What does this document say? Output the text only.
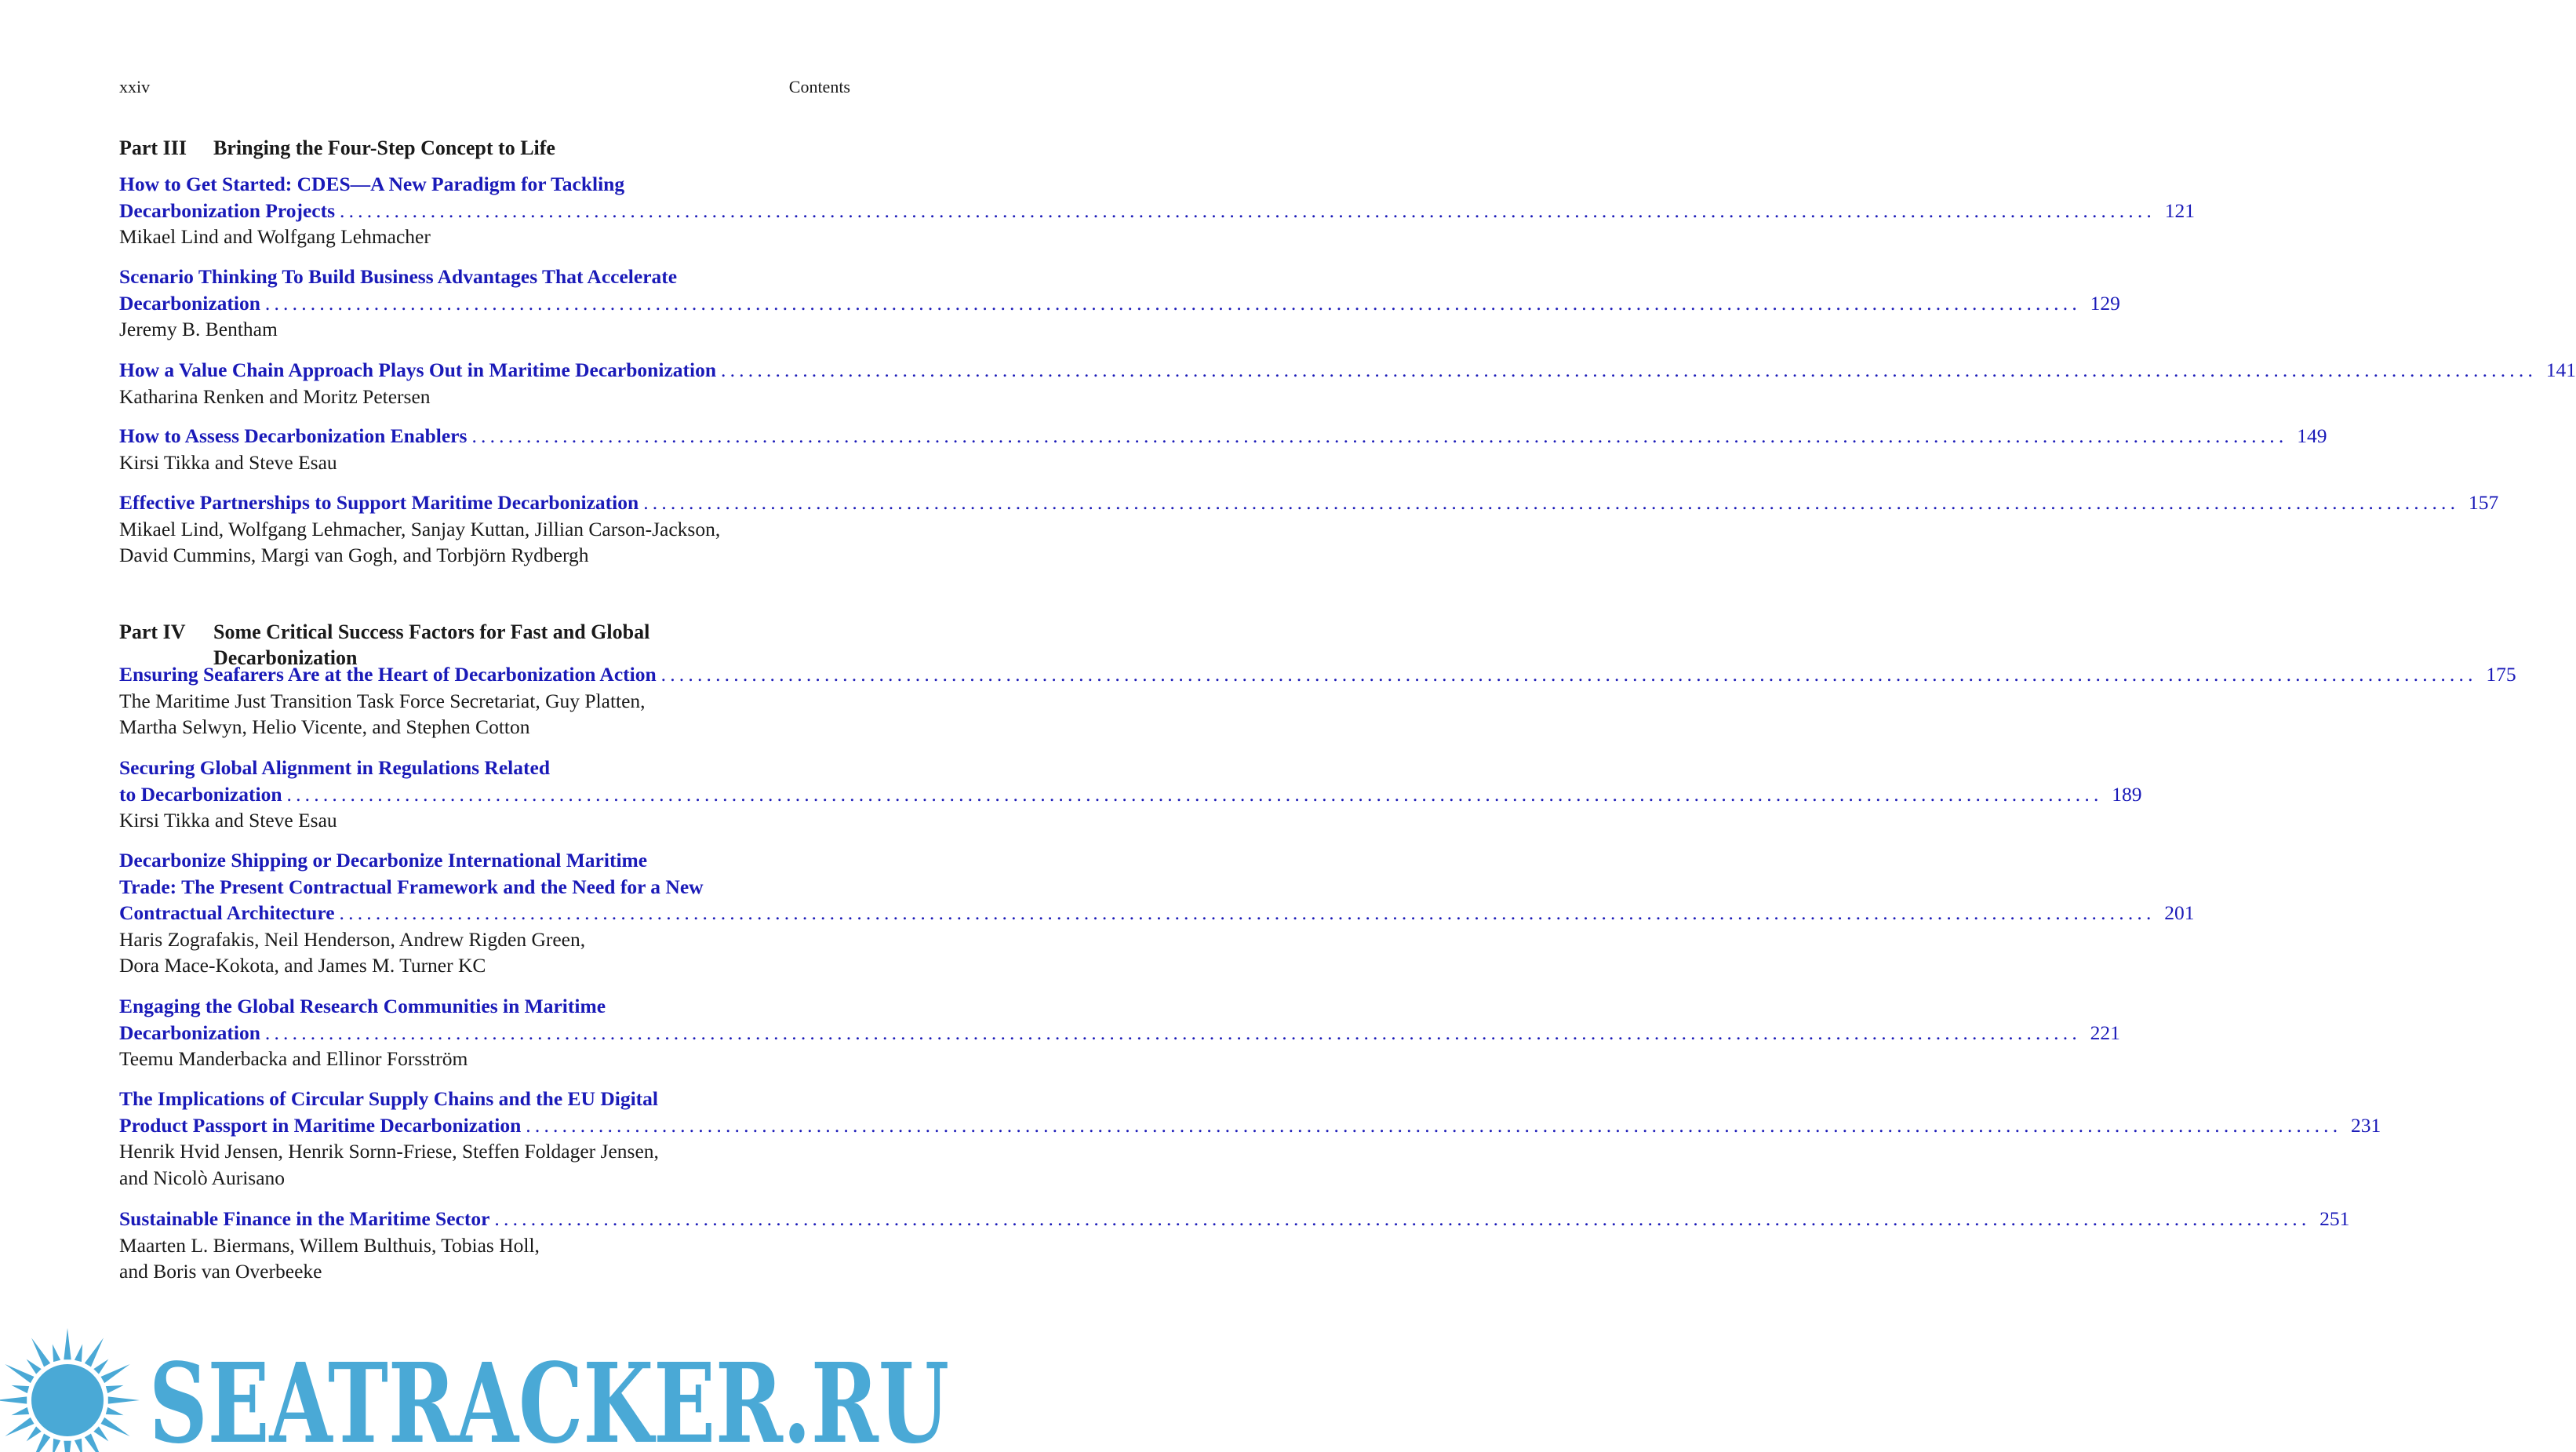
xxiv	Contents
Part III	Bringing the Four-Step Concept to Life
How to Get Started: CDES—A New Paradigm for Tackling
Decarbonization Projects ........................................................................................................................................................................................................ 121
Mikael Lind and Wolfgang Lehmacher
Scenario Thinking To Build Business Advantages That Accelerate
Decarbonization ........................................................................................................................................................................................................ 129
Jeremy B. Bentham
How a Value Chain Approach Plays Out in Maritime Decarbonization ........................................................................................................................................................................................................ 141
Katharina Renken and Moritz Petersen
How to Assess Decarbonization Enablers ........................................................................................................................................................................................................ 149
Kirsi Tikka and Steve Esau
Effective Partnerships to Support Maritime Decarbonization ........................................................................................................................................................................................................ 157
Mikael Lind, Wolfgang Lehmacher, Sanjay Kuttan, Jillian Carson-Jackson,
David Cummins, Margi van Gogh, and Torbjörn Rydbergh
Part IV	Some Critical Success Factors for Fast and Global
Decarbonization
Ensuring Seafarers Are at the Heart of Decarbonization Action ........................................................................................................................................................................................................ 175
The Maritime Just Transition Task Force Secretariat, Guy Platten,
Martha Selwyn, Helio Vicente, and Stephen Cotton
Securing Global Alignment in Regulations Related
to Decarbonization ........................................................................................................................................................................................................ 189
Kirsi Tikka and Steve Esau
Decarbonize Shipping or Decarbonize International Maritime
Trade: The Present Contractual Framework and the Need for a New
Contractual Architecture ........................................................................................................................................................................................................ 201
Haris Zografakis, Neil Henderson, Andrew Rigden Green,
Dora Mace-Kokota, and James M. Turner KC
Engaging the Global Research Communities in Maritime
Decarbonization ........................................................................................................................................................................................................ 221
Teemu Manderbacka and Ellinor Forsström
The Implications of Circular Supply Chains and the EU Digital
Product Passport in Maritime Decarbonization ........................................................................................................................................................................................................ 231
Henrik Hvid Jensen, Henrik Sornn-Friese, Steffen Foldager Jensen,
and Nicolò Aurisano
Sustainable Finance in the Maritime Sector ........................................................................................................................................................................................................ 251
Maarten L. Biermans, Willem Bulthuis, Tobias Holl,
and Boris van Overbeeke
SEATRACKER.RU
